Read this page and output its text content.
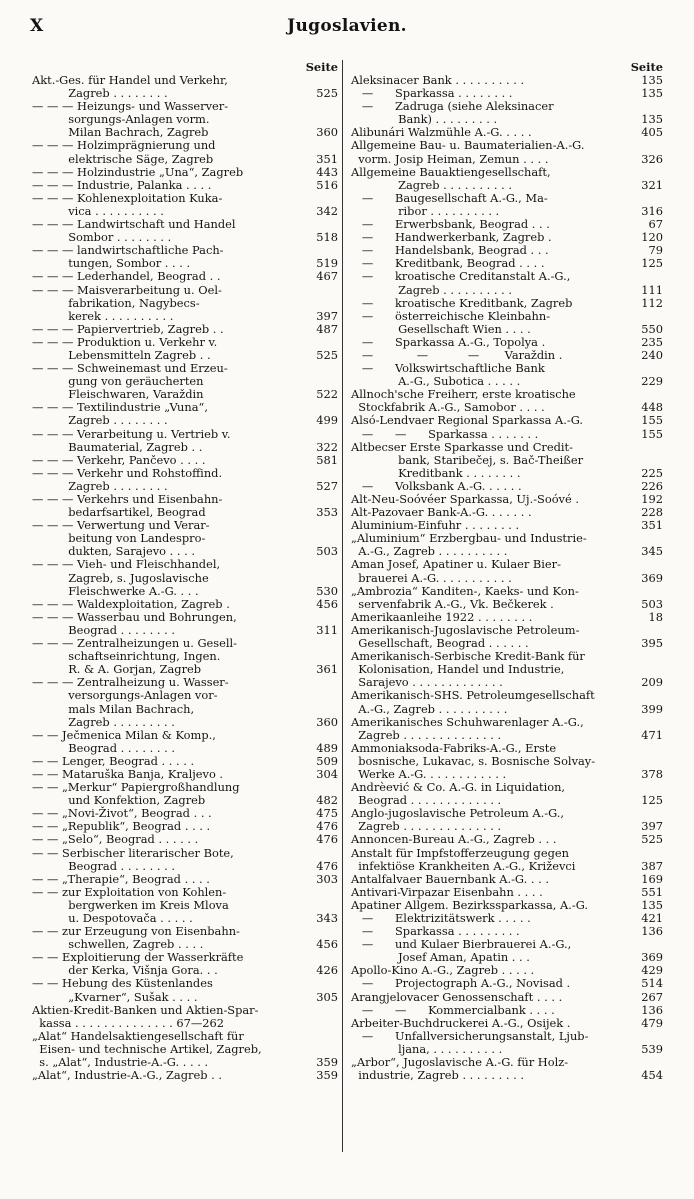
X	Jugoslavien.
Seite
Akt.-Ges. für Handel und Verkehr,
Zagreb . . . . . . . .	525
— — — Heizungs- und Wasserver-
sorgungs-Anlagen vorm.
Milan Bachrach, Zagreb	360
— — — Holzimprägnierung und
elektrische Säge, Zagreb	351
— — — Holzindustrie „Una“, Zagreb	443
— — — Industrie, Palanka . . . .	516
— — — Kohlenexploitation Kuka-
vica . . . . . . . . . .	342
— — — Landwirtschaft und Handel
Sombor . . . . . . . .	518
— — — landwirtschaftliche Pach-
tungen, Sombor . . . .	519
— — — Lederhandel, Beograd . .	467
— — — Maisverarbeitung u. Oel-
fabrikation, Nagybecs-
kerek . . . . . . . . . .	397
— — — Papiervertrieb, Zagreb . .	487
— — — Produktion u. Verkehr v.
Lebensmitteln Zagreb . .	525
— — — Schweinemast und Erzeu-
gung von geräucherten
Fleischwaren, Varaždin	522
— — — Textilindustrie „Vuna“,
Zagreb . . . . . . . .	499
— — — Verarbeitung u. Vertrieb v.
Baumaterial, Zagreb . .	322
— — — Verkehr, Pančevo . . . .	581
— — — Verkehr und Rohstoffind.
Zagreb . . . . . . . .	527
— — — Verkehrs und Eisenbahn-
bedarfsartikel, Beograd	353
— — — Verwertung und Verar-
beitung von Landespro-
dukten, Sarajevo . . . .	503
— — — Vieh- und Fleischhandel,
Zagreb, s. Jugoslavische
Fleischwerke A.-G. . . .	530
— — — Waldexploitation, Zagreb .	456
— — — Wasserbau und Bohrungen,
Beograd . . . . . . . .	311
— — — Zentralheizungen u. Gesell-
schaftseinrichtung, Ingen.
R. & A. Gorjan, Zagreb	361
— — — Zentralheizung u. Wasser-
versorgungs-Anlagen vor-
mals Milan Bachrach,
Zagreb . . . . . . . . .	360
— — Ječmenica Milan & Komp.,
Beograd . . . . . . . .	489
— — Lenger, Beograd . . . . .	509
— — Mataruška Banja, Kraljevo .	304
— — „Merkur“ Papiergroßhandlung
und Konfektion, Zagreb	482
— — „Novi-Život“, Beograd . . .	475
— — „Republik“, Beograd . . . .	476
— — „Selo“, Beograd . . . . . .	476
— — Serbischer literarischer Bote,
Beograd . . . . . . . .	476
— — „Therapie“, Beograd . . . .	303
— — zur Exploitation von Kohlen-
bergwerken im Kreis Mlova
u. Despotovača . . . . .	343
— — zur Erzeugung von Eisenbahn-
schwellen, Zagreb . . . .	456
— — Exploitierung der Wasserkräfte
der Kerka, Višnja Gora. . .	426
— — Hebung des Küstenlandes
„Kvarner“, Sušak . . . .	305
Aktien-Kredit-Banken und Aktien-Spar-
kassa . . . . . . . . . . . . . . 67—262
„Alat“ Handelsaktiengesellschaft für
Eisen- und technische Artikel, Zagreb,
s. „Alat“, Industrie-A.-G. . . . .	359
„Alat“, Industrie-A.-G., Zagreb . .	359
Seite
Aleksinacer Bank . . . . . . . . . .	135
—      Sparkassa . . . . . . . .	135
—      Zadruga (siehe Aleksinacer
Bank) . . . . . . . . .	135
Alibunári Walzmühle A.-G. . . . .	405
Allgemeine Bau- u. Baumaterialien-A.-G.
vorm. Josip Heiman, Zemun . . . .	326
Allgemeine Bauaktiengesellschaft,
Zagreb . . . . . . . . . .	321
—      Baugesellschaft A.-G., Ma-
ribor . . . . . . . . . .	316
—      Erwerbsbank, Beograd . . .	67
—      Handwerkerbank, Zagreb .	120
—      Handelsbank, Beograd . . .	79
—      Kreditbank, Beograd . . . .	125
—      kroatische Creditanstalt A.-G.,
Zagreb . . . . . . . . . .	111
—      kroatische Kreditbank, Zagreb	112
—      österreichische Kleinbahn-
Gesellschaft Wien . . . .	550
—      Sparkassa A.-G., Topolya .	235
—            —           —       Varaždin .	240
—      Volkswirtschaftliche Bank
A.-G., Subotica . . . . .	229
Allnoch'sche Freiherr, erste kroatische
Stockfabrik A.-G., Samobor . . . .	448
Alsó-Lendvaer Regional Sparkassa A.-G.	155
—      —      Sparkassa . . . . . . .	155
Altbecser Erste Sparkasse und Credit-
bank, Staribečej, s. Bač-Theißer
Kreditbank . . . . . . . .	225
—      Volksbank A.-G. . . . . .	226
Alt-Neu-Soóvéer Sparkassa, Uj.-Soóvé .	192
Alt-Pazovaer Bank-A.-G. . . . . . .	228
Aluminium-Einfuhr . . . . . . . .	351
„Aluminium“ Erzbergbau- und Industrie-
A.-G., Zagreb . . . . . . . . . .	345
Aman Josef, Apatiner u. Kulaer Bier-
brauerei A.-G. . . . . . . . . . .	369
„Ambrozia“ Kanditen-, Kaeks- und Kon-
servenfabrik A.-G., Vk. Bečkerek .	503
Amerikaanleihe 1922 . . . . . . . .	18
Amerikanisch-Jugoslavische Petroleum-
Gesellschaft, Beograd . . . . . .	395
Amerikanisch-Serbische Kredit-Bank für
Kolonisation, Handel und Industrie,
Sarajevo . . . . . . . . . . . . .	209
Amerikanisch-SHS. Petroleumgesellschaft
A.-G., Zagreb . . . . . . . . . .	399
Amerikanisches Schuhwarenlager A.-G.,
Zagreb . . . . . . . . . . . . . .	471
Ammoniaksoda-Fabriks-A.-G., Erste
bosnische, Lukavac, s. Bosnische Solvay-
Werke A.-G. . . . . . . . . . . .	378
Andrèević & Co. A.-G. in Liquidation,
Beograd . . . . . . . . . . . . .	125
Anglo-jugoslavische Petroleum A.-G.,
Zagreb . . . . . . . . . . . . . .	397
Annoncen-Bureau A.-G., Zagreb . . .	525
Anstalt für Impfstofferzeugung gegen
infektiöse Krankheiten A.-G., Križevci	387
Antalfalvaer Bauernbank A.-G. . . .	169
Antivari-Virpazar Eisenbahn . . . .	551
Apatiner Allgem. Bezirkssparkassa, A.-G.	135
—      Elektrizitätswerk . . . . .	421
—      Sparkassa . . . . . . . . .	136
—      und Kulaer Bierbrauerei A.-G.,
Josef Aman, Apatin . . .	369
Apollo-Kino A.-G., Zagreb . . . . .	429
—      Projectograph A.-G., Novisad .	514
Arangjelovacer Genossenschaft . . . .	267
—      —      Kommercialbank . . . .	136
Arbeiter-Buchdruckerei A.-G., Osijek .	479
—      Unfallversicherungsanstalt, Ljub-
ljana, . . . . . . . . . .	539
„Arbor“, Jugoslavische A.-G. für Holz-
industrie, Zagreb . . . . . . . . .	454
